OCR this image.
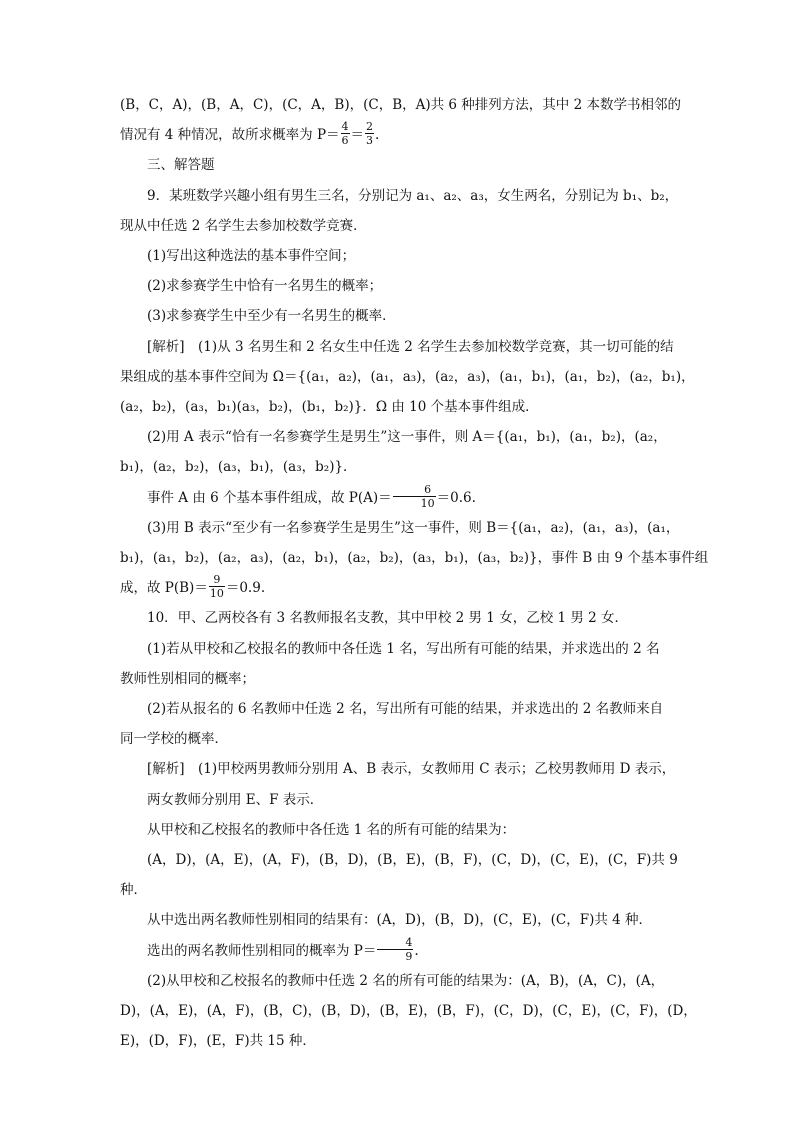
(B，C，A)，(B，A，C)，(C，A，B)，(C，B，A)共 6 种排列方法，其中 2 本数学书相邻的

情况有 4 种情况，故所求概率为 $P= \frac{4}{6} = \frac{2}{3}$ .

三、解答题

9．某班数学兴趣小组有男生三名，分别记为 a₁、a₂、a₃，女生两名，分别记为 b₁、b₂，

现从中任选 2 名学生去参加校数学竞赛．

(1)写出这种选法的基本事件空间；

(2)求参赛学生中恰有一名男生的概率；

(3)求参赛学生中至少有一名男生的概率．

[解析]　(1)从 3 名男生和 2 名女生中任选 2 名学生去参加校数学竞赛，其一切可能的结

果组成的基本事件空间为 Ω＝{(a₁，a₂)，(a₁，a₃)，(a₂，a₃)，(a₁，b₁)，(a₁，b₂)，(a₂，b₁)，

(a₂，b₂)，(a₃，b₁)(a₃，b₂)，(b₁，b₂)}．Ω 由 10 个基本事件组成．

(2)用 A 表示“恰有一名参赛学生是男生”这一事件，则 A＝{(a₁，b₁)，(a₁，b₂)，(a₂，

b₁)，(a₂，b₂)，(a₃，b₁)，(a₃，b₂)}．

事件 A 由 6 个基本事件组成，故 $P(A)= \frac{6}{10} =0.6$.

(3)用 B 表示“至少有一名参赛学生是男生”这一事件，则 B＝{(a₁，a₂)，(a₁，a₃)，(a₁，

b₁)，(a₁，b₂)，(a₂，a₃)，(a₂，b₁)，(a₂，b₂)，(a₃，b₁)，(a₃，b₂)}，事件 B 由 9 个基本事件组

成，故 $P(B)= \frac{9}{10} =0.9$.

10．甲、乙两校各有 3 名教师报名支教，其中甲校 2 男 1 女，乙校 1 男 2 女．

(1)若从甲校和乙校报名的教师中各任选 1 名，写出所有可能的结果，并求选出的 2 名

教师性别相同的概率；

(2)若从报名的 6 名教师中任选 2 名，写出所有可能的结果，并求选出的 2 名教师来自

同一学校的概率．

[解析]　(1)甲校两男教师分别用 A、B 表示，女教师用 C 表示；乙校男教师用 D 表示，

两女教师分别用 E、F 表示．

从甲校和乙校报名的教师中各任选 1 名的所有可能的结果为：

(A，D)，(A，E)，(A，F)，(B，D)，(B，E)，(B，F)，(C，D)，(C，E)，(C，F)共 9

种．

从中选出两名教师性别相同的结果有：(A，D)，(B，D)，(C，E)，(C，F)共 4 种．

选出的两名教师性别相同的概率为 $P= \frac{4}{9}$ .

(2)从甲校和乙校报名的教师中任选 2 名的所有可能的结果为：(A，B)，(A，C)，(A，

D)，(A，E)，(A，F)，(B，C)，(B，D)，(B，E)，(B，F)，(C，D)，(C，E)，(C，F)，(D，

E)，(D，F)，(E，F)共 15 种．
